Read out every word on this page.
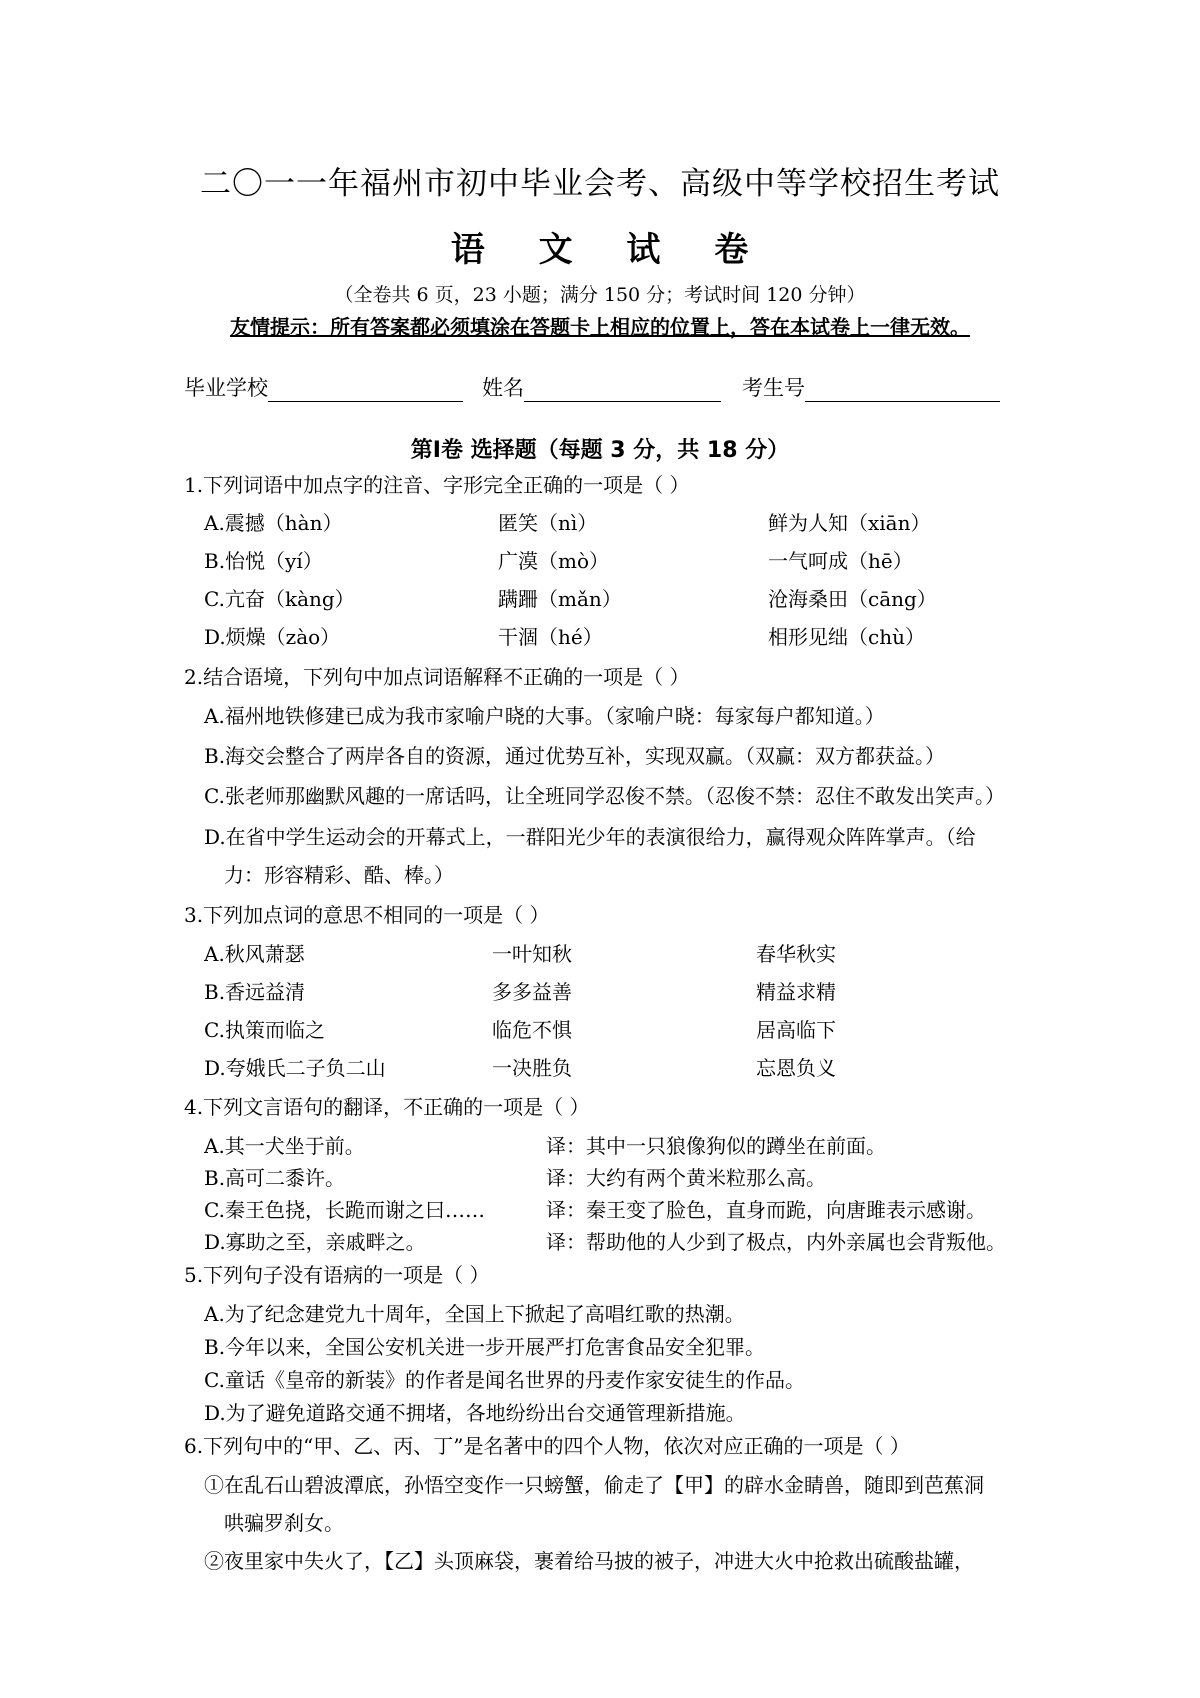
二〇一一年福州市初中毕业会考、高级中等学校招生考试
语 文 试 卷
（全卷共 6 页，23 小题；满分 150 分；考试时间 120 分钟）
友情提示：所有答案都必须填涂在答题卡上相应的位置上，答在本试卷上一律无效。
毕业学校	姓名	考生号
第Ⅰ卷 选择题（每题 3 分，共 18 分）
1.下列词语中加点字的注音、字形完全正确的一项是（ ）
A.震撼（hàn）	匿笑（nì）	鲜为人知（xiān）
B.怡悦（yí）	广漠（mò）	一气呵成（hē）
C.亢奋（kàng）	蹒跚（mǎn）	沧海桑田（cāng）
D.烦燥（zào）	干涸（hé）	相形见绌（chù）
2.结合语境，下列句中加点词语解释不正确的一项是（ ）
A.福州地铁修建已成为我市家喻户晓的大事。（家喻户晓：每家每户都知道。）
B.海交会整合了两岸各自的资源，通过优势互补，实现双赢。（双赢：双方都获益。）
C.张老师那幽默风趣的一席话吗，让全班同学忍俊不禁。（忍俊不禁：忍住不敢发出笑声。）
D.在省中学生运动会的开幕式上，一群阳光少年的表演很给力，赢得观众阵阵掌声。（给
力：形容精彩、酷、棒。）
3.下列加点词的意思不相同的一项是（ ）
A.秋风萧瑟	一叶知秋	春华秋实
B.香远益清	多多益善	精益求精
C.执策而临之	临危不惧	居高临下
D.夸娥氏二子负二山	一决胜负	忘恩负义
4.下列文言语句的翻译，不正确的一项是（ ）
A.其一犬坐于前。	译：其中一只狼像狗似的蹲坐在前面。
B.高可二黍许。	译：大约有两个黄米粒那么高。
C.秦王色挠，长跪而谢之曰……	译：秦王变了脸色，直身而跪，向唐雎表示感谢。
D.寡助之至，亲戚畔之。	译：帮助他的人少到了极点，内外亲属也会背叛他。
5.下列句子没有语病的一项是（ ）
A.为了纪念建党九十周年，全国上下掀起了高唱红歌的热潮。
B.今年以来，全国公安机关进一步开展严打危害食品安全犯罪。
C.童话《皇帝的新装》的作者是闻名世界的丹麦作家安徒生的作品。
D.为了避免道路交通不拥堵，各地纷纷出台交通管理新措施。
6.下列句中的“甲、乙、丙、丁”是名著中的四个人物，依次对应正确的一项是（ ）
①在乱石山碧波潭底，孙悟空变作一只螃蟹，偷走了【甲】的辟水金睛兽，随即到芭蕉洞
哄骗罗刹女。
②夜里家中失火了，【乙】头顶麻袋，裹着给马披的被子，冲进大火中抢救出硫酸盐罐，
